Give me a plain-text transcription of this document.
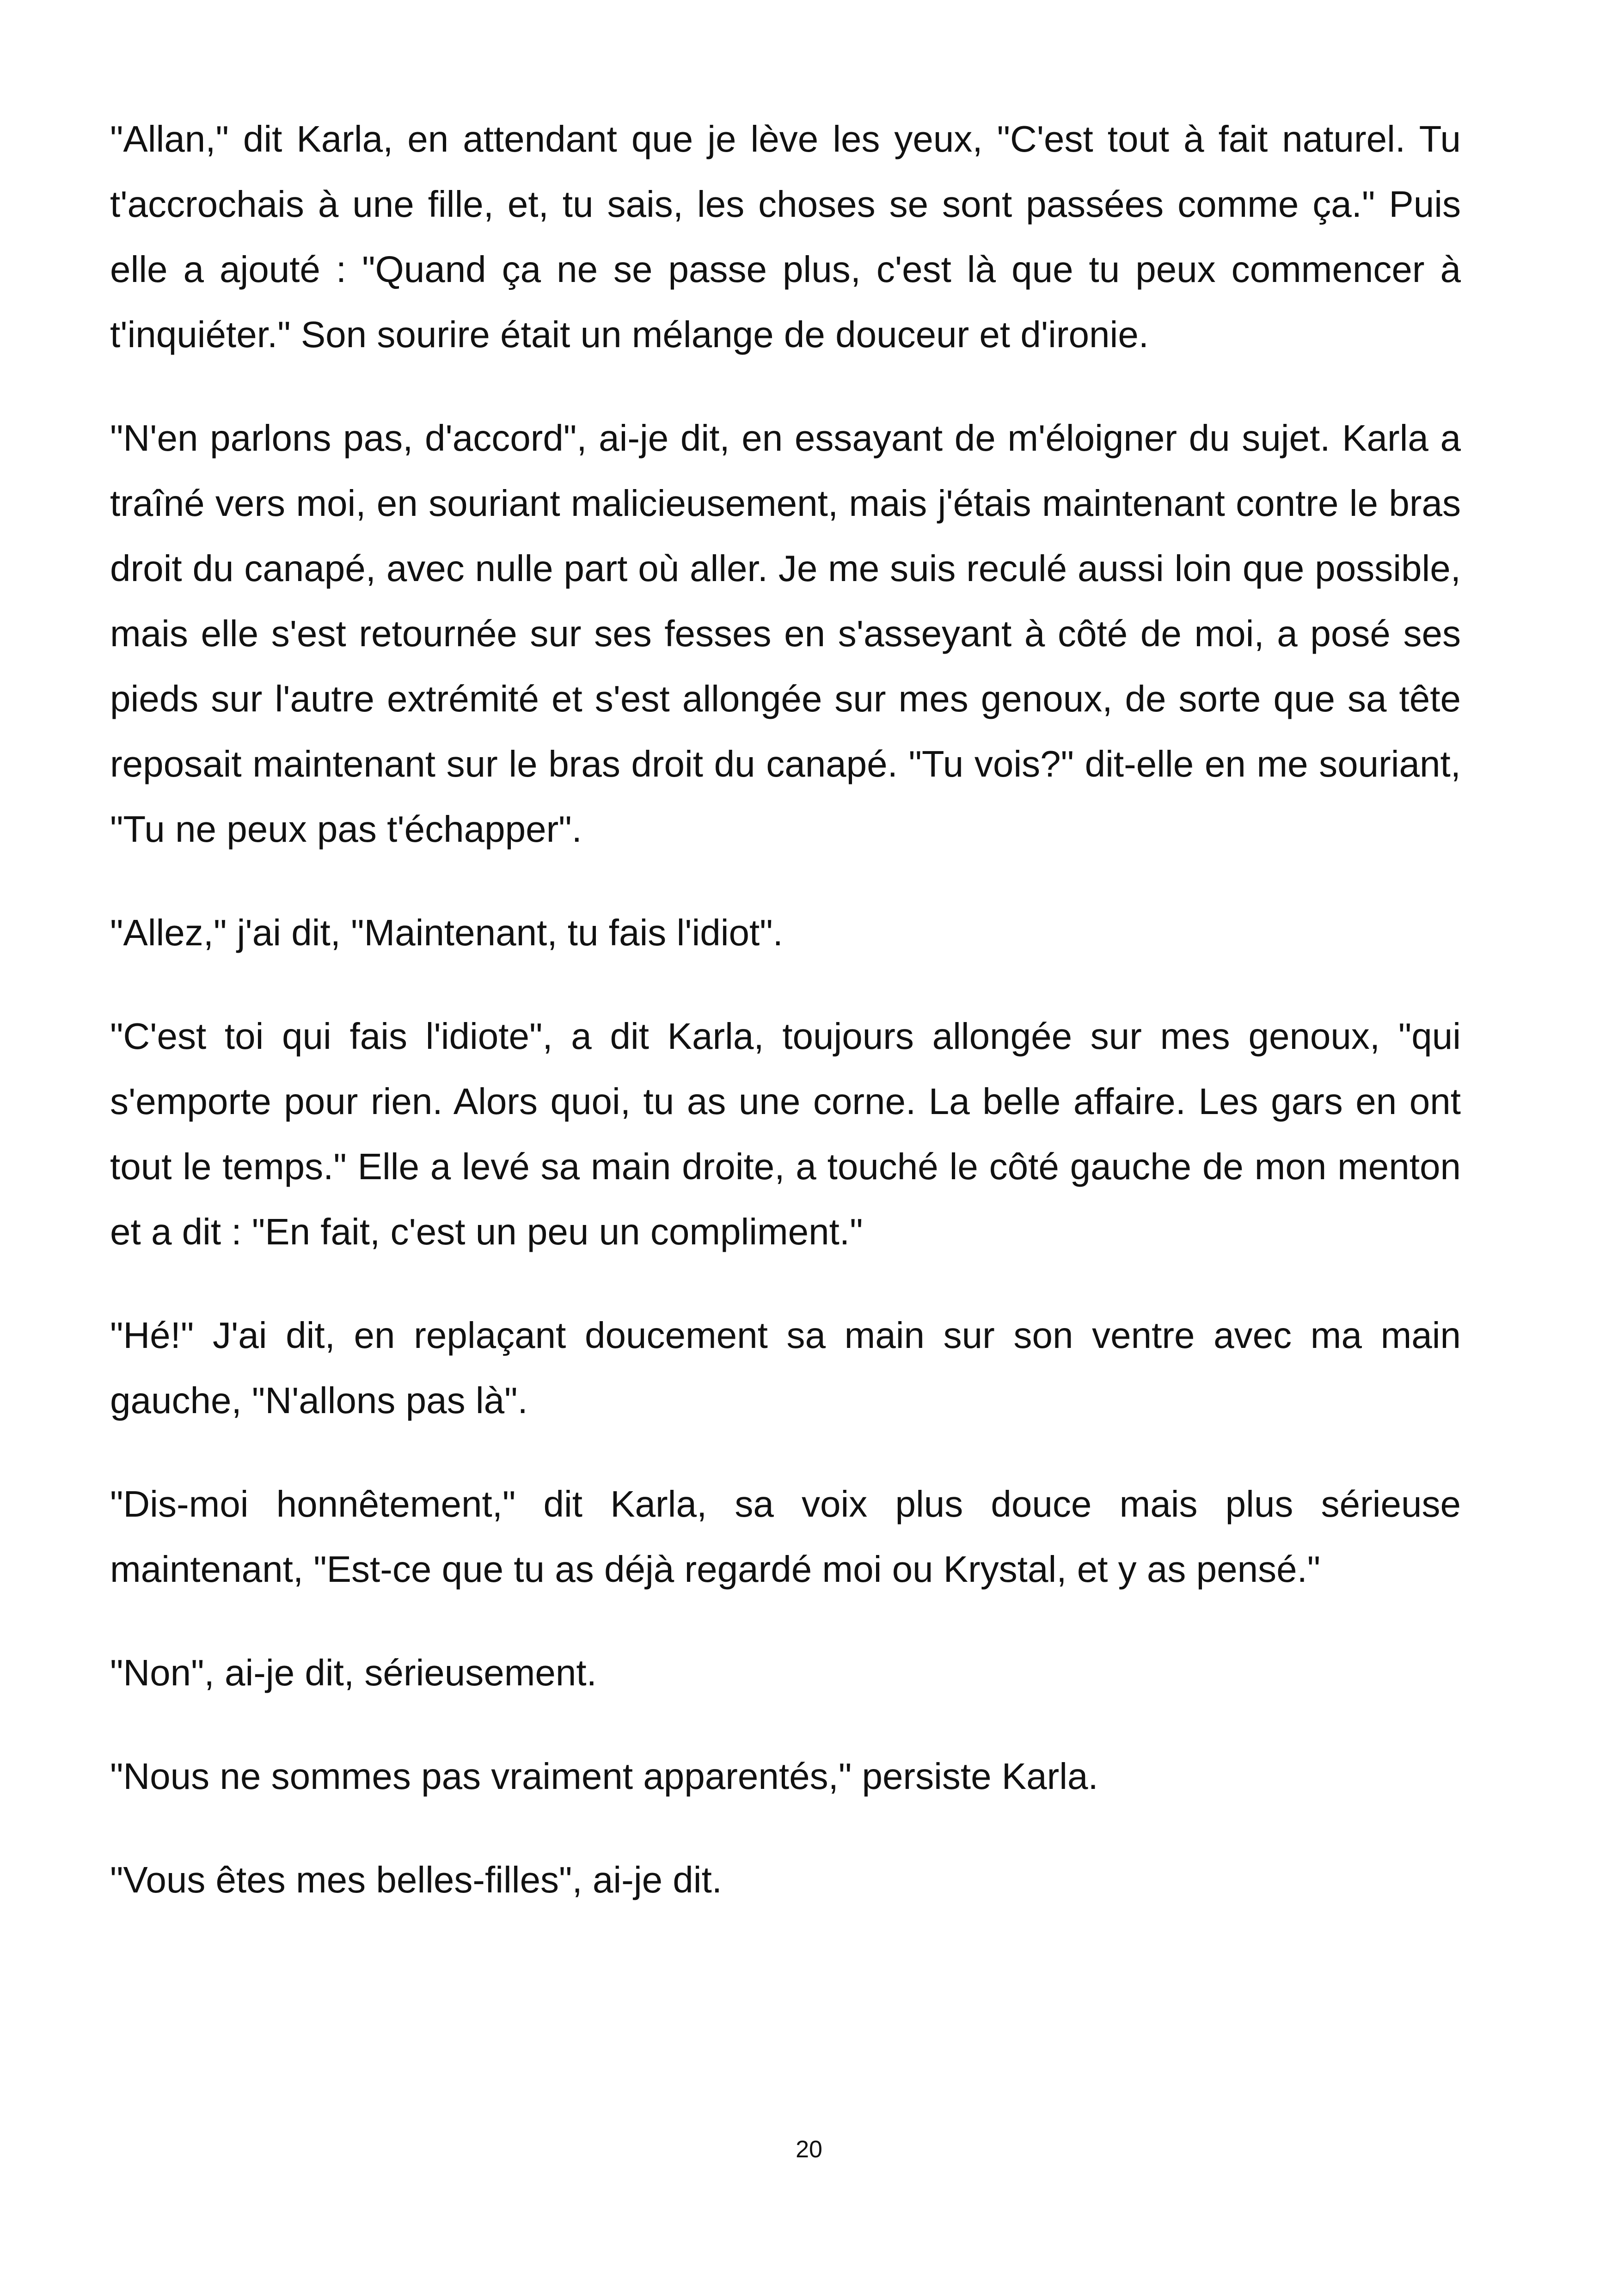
"Allan," dit Karla, en attendant que je lève les yeux, "C'est tout à fait naturel. Tu t'accrochais à une fille, et, tu sais, les choses se sont passées comme ça." Puis elle a ajouté : "Quand ça ne se passe plus, c'est là que tu peux commencer à t'inquiéter." Son sourire était un mélange de douceur et d'ironie.

"N'en parlons pas, d'accord", ai-je dit, en essayant de m'éloigner du sujet. Karla a traîné vers moi, en souriant malicieusement, mais j'étais maintenant contre le bras droit du canapé, avec nulle part où aller. Je me suis reculé aussi loin que possible, mais elle s'est retournée sur ses fesses en s'asseyant à côté de moi, a posé ses pieds sur l'autre extrémité et s'est allongée sur mes genoux, de sorte que sa tête reposait maintenant sur le bras droit du canapé. "Tu vois?" dit-elle en me souriant, "Tu ne peux pas t'échapper".

"Allez," j'ai dit, "Maintenant, tu fais l'idiot".

"C'est toi qui fais l'idiote", a dit Karla, toujours allongée sur mes genoux, "qui s'emporte pour rien. Alors quoi, tu as une corne. La belle affaire. Les gars en ont tout le temps." Elle a levé sa main droite, a touché le côté gauche de mon menton et a dit : "En fait, c'est un peu un compliment."

"Hé!" J'ai dit, en replaçant doucement sa main sur son ventre avec ma main gauche, "N'allons pas là".

"Dis-moi honnêtement," dit Karla, sa voix plus douce mais plus sérieuse maintenant, "Est-ce que tu as déjà regardé moi ou Krystal, et y as pensé."

"Non", ai-je dit, sérieusement.

"Nous ne sommes pas vraiment apparentés," persiste Karla.

"Vous êtes mes belles-filles", ai-je dit.

20
